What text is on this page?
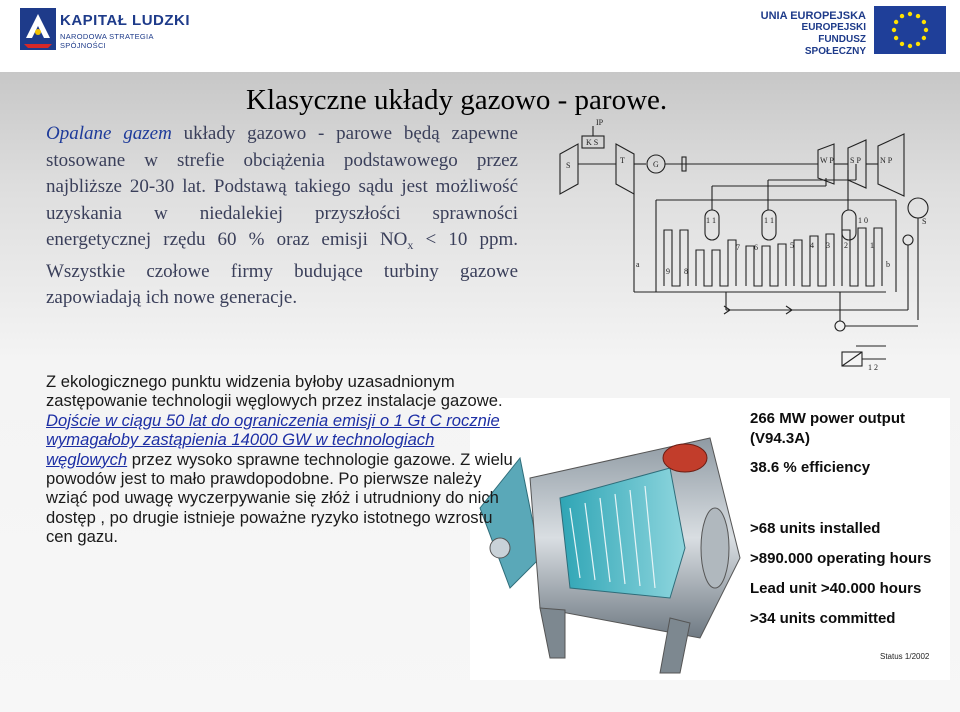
KAPITAŁ LUDZKI
NARODOWA STRATEGIA SPÓJNOŚCI
UNIA EUROPEJSKA
EUROPEJSKI
FUNDUSZ SPOŁECZNY
Klasyczne układy gazowo - parowe.
Opalane gazem układy gazowo - parowe będą zapewne stosowane w strefie obciążenia podstawowego przez najbliższe 20-30 lat. Podstawą takiego sądu jest możliwość uzyskania w niedalekiej przyszłości sprawności energetycznej rzędu 60 % oraz emisji $NO_x < 10$ ppm. Wszystkie czołowe firmy budujące turbiny gazowe zapowiadają ich nowe generacje.
IP
K S
S
T	G	W P S P N P
S
1 1	1 1	1 0
7 6	5 4 3 2	1
a
9 8
b
1 2
266 MW power output
(V94.3A)
38.6 % efficiency
>68 units installed
>890.000 operating hours
Lead unit >40.000 hours
>34 units committed
Status 1/2002
Z ekologicznego punktu widzenia byłoby uzasadnionym zastępowanie technologii węglowych przez instalacje gazowe. Dojście w ciągu 50 lat do ograniczenia emisji o 1 Gt C rocznie wymagałoby zastąpienia 14000 GW w technologiach węglowych przez wysoko sprawne technologie gazowe. Z wielu powodów jest to mało prawdopodobne. Po pierwsze należy wziąć pod uwagę wyczerpywanie się złóż i utrudniony do nich dostęp , po drugie istnieje poważne ryzyko istotnego wzrostu cen gazu.
